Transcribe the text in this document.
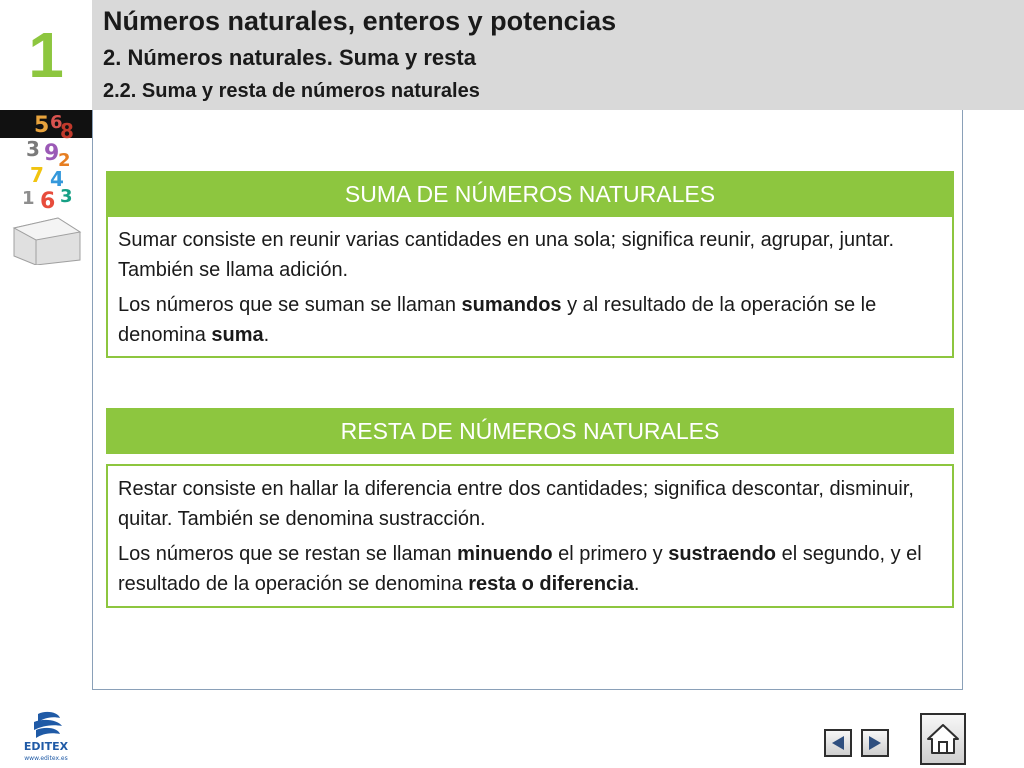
1	Números naturales, enteros y potencias
2. Números naturales. Suma y resta
2.2. Suma y resta de números naturales
5 6
8
3 9
2
7 4
1 6 3	SUMA DE NÚMEROS NATURALES

Sumar consiste en reunir varias cantidades en una sola; significa reunir, agrupar, juntar. También se llama adición.

Los números que se suman se llaman sumandos y al resultado de la operación se le denomina suma.

RESTA DE NÚMEROS NATURALES

Restar consiste en hallar la diferencia entre dos cantidades; significa descontar, disminuir, quitar. También se denomina sustracción.

Los números que se restan se llaman minuendo el primero y sustraendo el segundo, y el resultado de la operación se denomina resta o diferencia.

EDITEX
www.editex.es
